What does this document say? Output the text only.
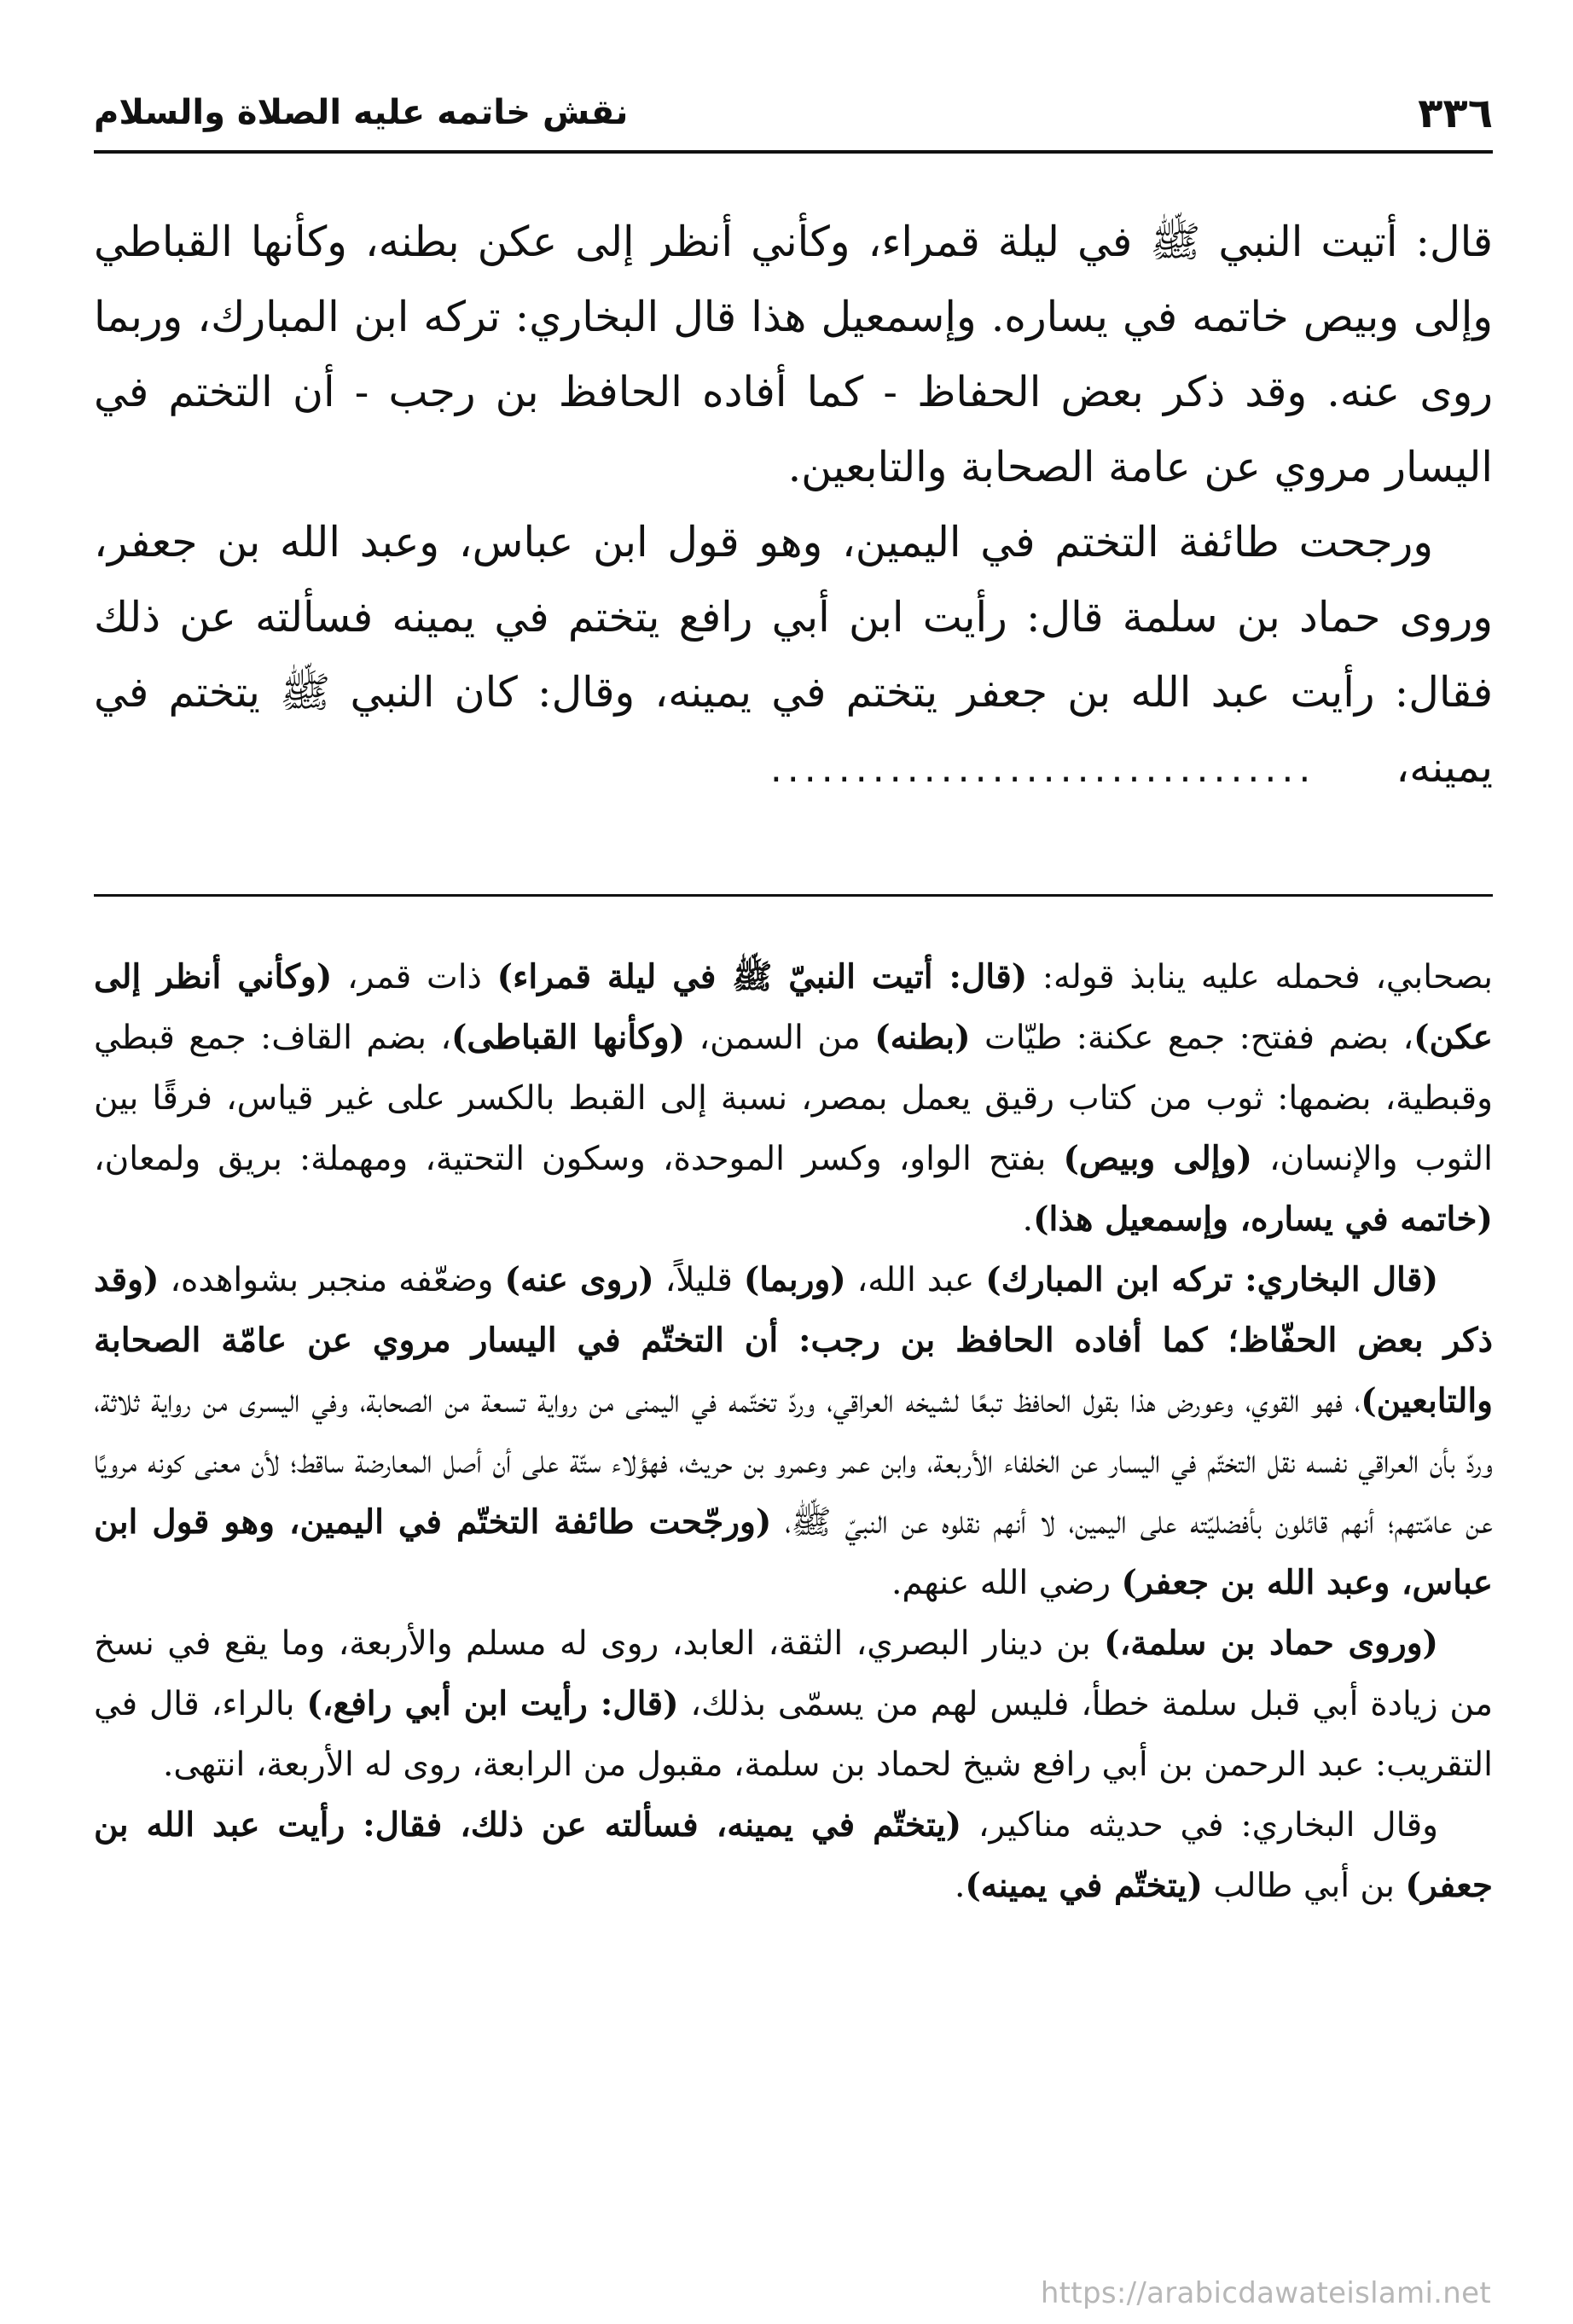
٣٣٦
نقش خاتمه عليه الصلاة والسلام

قال: أتيت النبي ﷺ في ليلة قمراء، وكأني أنظر إلى عكن بطنه، وكأنها القباطي وإلى وبيص خاتمه في يساره. وإسمعيل هذا قال البخاري: تركه ابن المبارك، وربما روى عنه. وقد ذكر بعض الحفاظ - كما أفاده الحافظ بن رجب - أن التختم في اليسار مروي عن عامة الصحابة والتابعين.

ورجحت طائفة التختم في اليمين، وهو قول ابن عباس، وعبد الله بن جعفر، وروى حماد بن سلمة قال: رأيت ابن أبي رافع يتختم في يمينه فسألته عن ذلك فقال: رأيت عبد الله بن جعفر يتختم في يمينه، وقال: كان النبي ﷺ يتختم في يمينه،................................

بصحابي، فحمله عليه ينابذ قوله: (قال: أتيت النبيّ ﷺ في ليلة قمراء) ذات قمر، (وكأني أنظر إلى عكن)، بضم ففتح: جمع عكنة: طيّات (بطنه) من السمن، (وكأنها القباطى)، بضم القاف: جمع قبطي وقبطية، بضمها: ثوب من كتاب رقيق يعمل بمصر، نسبة إلى القبط بالكسر على غير قياس، فرقًا بين الثوب والإنسان، (وإلى وبيص) بفتح الواو، وكسر الموحدة، وسكون التحتية، ومهملة: بريق ولمعان، (خاتمه في يساره، وإسمعيل هذا).

(قال البخاري: تركه ابن المبارك) عبد الله، (وربما) قليلاً، (روى عنه) وضعّفه منجبر بشواهده، (وقد ذكر بعض الحفّاظ؛ كما أفاده الحافظ بن رجب: أن التختّم في اليسار مروي عن عامّة الصحابة والتابعين)، فهو القوي، وعورض هذا بقول الحافظ تبعًا لشيخه العراقي، وردّ تختّمه في اليمنى من رواية تسعة من الصحابة، وفي اليسرى من رواية ثلاثة، وردّ بأن العراقي نفسه نقل التختّم في اليسار عن الخلفاء الأربعة، وابن عمر وعمرو بن حريث، فهؤلاء ستّة على أن أصل المعارضة ساقط؛ لأن معنى كونه مرويًا عن عامّتهم؛ أنهم قائلون بأفضليّته على اليمين، لا أنهم نقلوه عن النبيّ ﷺ، (ورجّحت طائفة التختّم في اليمين، وهو قول ابن عباس، وعبد الله بن جعفر) رضي الله عنهم.

(وروى حماد بن سلمة،) بن دينار البصري، الثقة، العابد، روى له مسلم والأربعة، وما يقع في نسخ من زيادة أبي قبل سلمة خطأ، فليس لهم من يسمّى بذلك، (قال: رأيت ابن أبي رافع،) بالراء، قال في التقريب: عبد الرحمن بن أبي رافع شيخ لحماد بن سلمة، مقبول من الرابعة، روى له الأربعة، انتهى.

وقال البخاري: في حديثه مناكير، (يتختّم في يمينه، فسألته عن ذلك، فقال: رأيت عبد الله بن جعفر) بن أبي طالب (يتختّم في يمينه).

https://arabicdawateislami.net
